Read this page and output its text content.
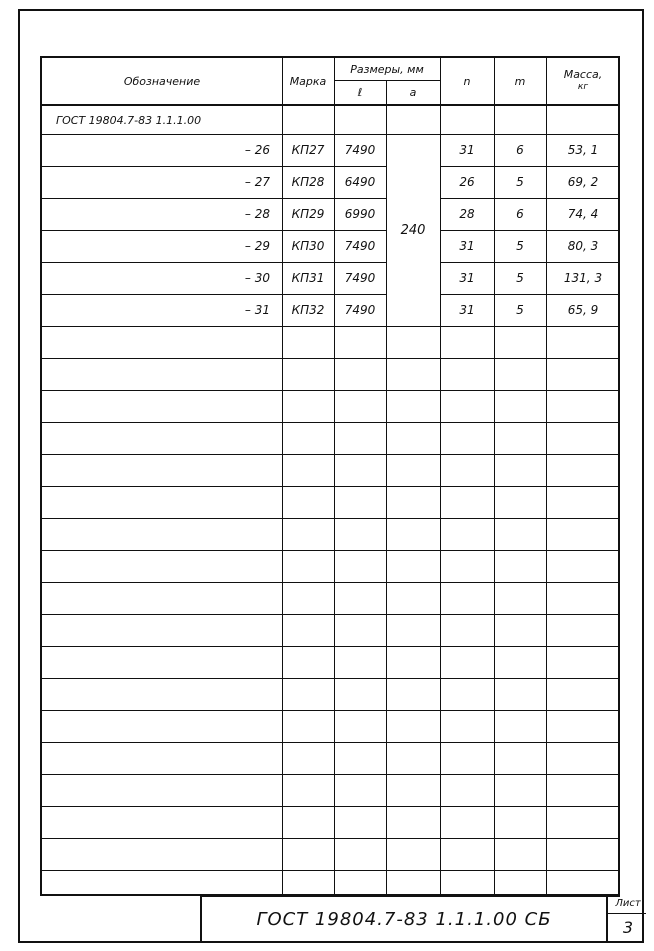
Обозначение	Марка
Размеры, мм
ℓ	a
n	m	Масса,
кг
ГОСТ 19804.7-83 1.1.1.00
240
– 26	КП27	7490	31	6	53, 1
– 27	КП28	6490	26	5	69, 2
– 28	КП29	6990	28	6	74, 4
– 29	КП30	7490	31	5	80, 3
– 30	КП31	7490	31	5	131, 3
– 31	КП32	7490	31	5	65, 9
ГОСТ 19804.7-83 1.1.1.00 СБ
Лист
3
